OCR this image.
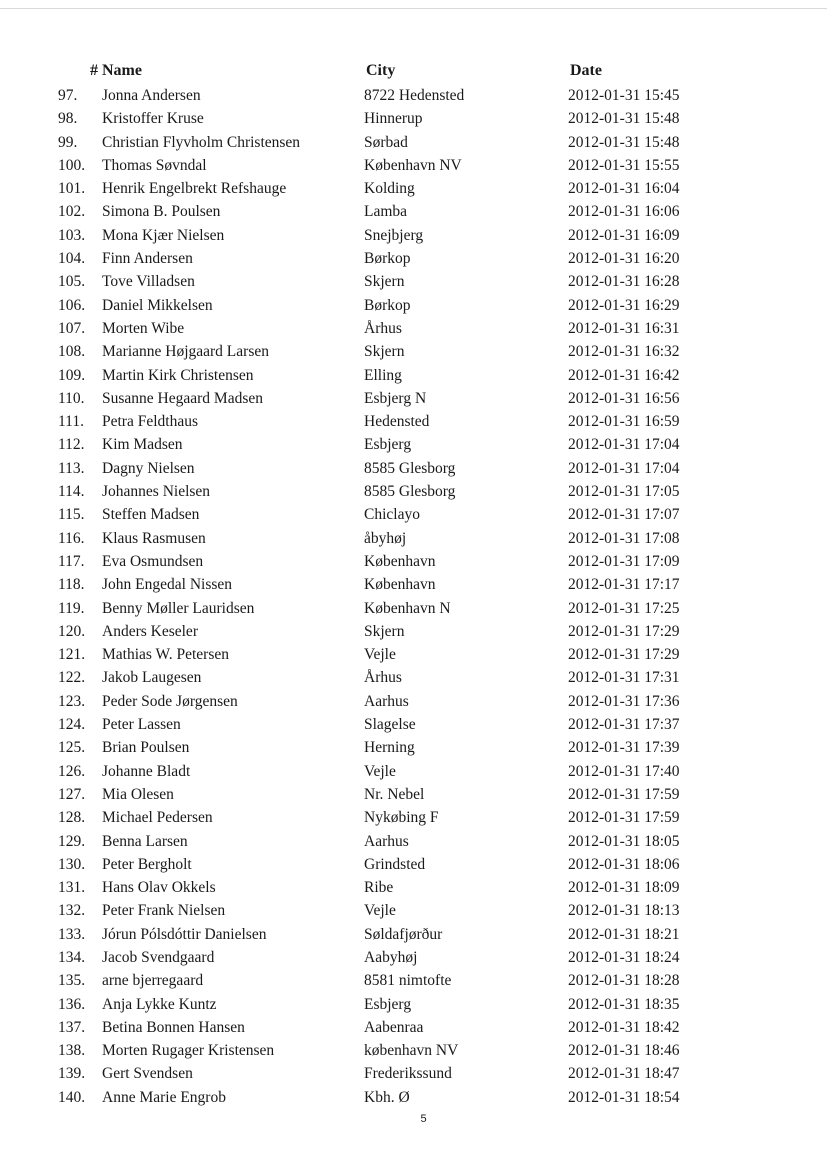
# Name	City	Date
97. Jonna Andersen	8722 Hedensted	2012-01-31 15:45
98. Kristoffer Kruse	Hinnerup	2012-01-31 15:48
99. Christian Flyvholm Christensen	Sørbad	2012-01-31 15:48
100. Thomas Søvndal	København NV	2012-01-31 15:55
101. Henrik Engelbrekt Refshauge	Kolding	2012-01-31 16:04
102. Simona B. Poulsen	Lamba	2012-01-31 16:06
103. Mona Kjær Nielsen	Snejbjerg	2012-01-31 16:09
104. Finn Andersen	Børkop	2012-01-31 16:20
105. Tove Villadsen	Skjern	2012-01-31 16:28
106. Daniel Mikkelsen	Børkop	2012-01-31 16:29
107. Morten Wibe	Århus	2012-01-31 16:31
108. Marianne Højgaard Larsen	Skjern	2012-01-31 16:32
109. Martin Kirk Christensen	Elling	2012-01-31 16:42
110. Susanne Hegaard Madsen	Esbjerg N	2012-01-31 16:56
111. Petra Feldthaus	Hedensted	2012-01-31 16:59
112. Kim Madsen	Esbjerg	2012-01-31 17:04
113. Dagny Nielsen	8585 Glesborg	2012-01-31 17:04
114. Johannes Nielsen	8585 Glesborg	2012-01-31 17:05
115. Steffen Madsen	Chiclayo	2012-01-31 17:07
116. Klaus Rasmusen	åbyhøj	2012-01-31 17:08
117. Eva Osmundsen	København	2012-01-31 17:09
118. John Engedal Nissen	København	2012-01-31 17:17
119. Benny Møller Lauridsen	København N	2012-01-31 17:25
120. Anders Keseler	Skjern	2012-01-31 17:29
121. Mathias W. Petersen	Vejle	2012-01-31 17:29
122. Jakob Laugesen	Århus	2012-01-31 17:31
123. Peder Sode Jørgensen	Aarhus	2012-01-31 17:36
124. Peter Lassen	Slagelse	2012-01-31 17:37
125. Brian Poulsen	Herning	2012-01-31 17:39
126. Johanne Bladt	Vejle	2012-01-31 17:40
127. Mia Olesen	Nr. Nebel	2012-01-31 17:59
128. Michael Pedersen	Nykøbing F	2012-01-31 17:59
129. Benna Larsen	Aarhus	2012-01-31 18:05
130. Peter Bergholt	Grindsted	2012-01-31 18:06
131. Hans Olav Okkels	Ribe	2012-01-31 18:09
132. Peter Frank Nielsen	Vejle	2012-01-31 18:13
133. Jórun Pólsdóttir Danielsen	Søldafjørður	2012-01-31 18:21
134. Jacob Svendgaard	Aabyhøj	2012-01-31 18:24
135. arne bjerregaard	8581 nimtofte	2012-01-31 18:28
136. Anja Lykke Kuntz	Esbjerg	2012-01-31 18:35
137. Betina Bonnen Hansen	Aabenraa	2012-01-31 18:42
138. Morten Rugager Kristensen	københavn NV	2012-01-31 18:46
139. Gert Svendsen	Frederikssund	2012-01-31 18:47
140. Anne Marie Engrob	Kbh. Ø	2012-01-31 18:54
5
